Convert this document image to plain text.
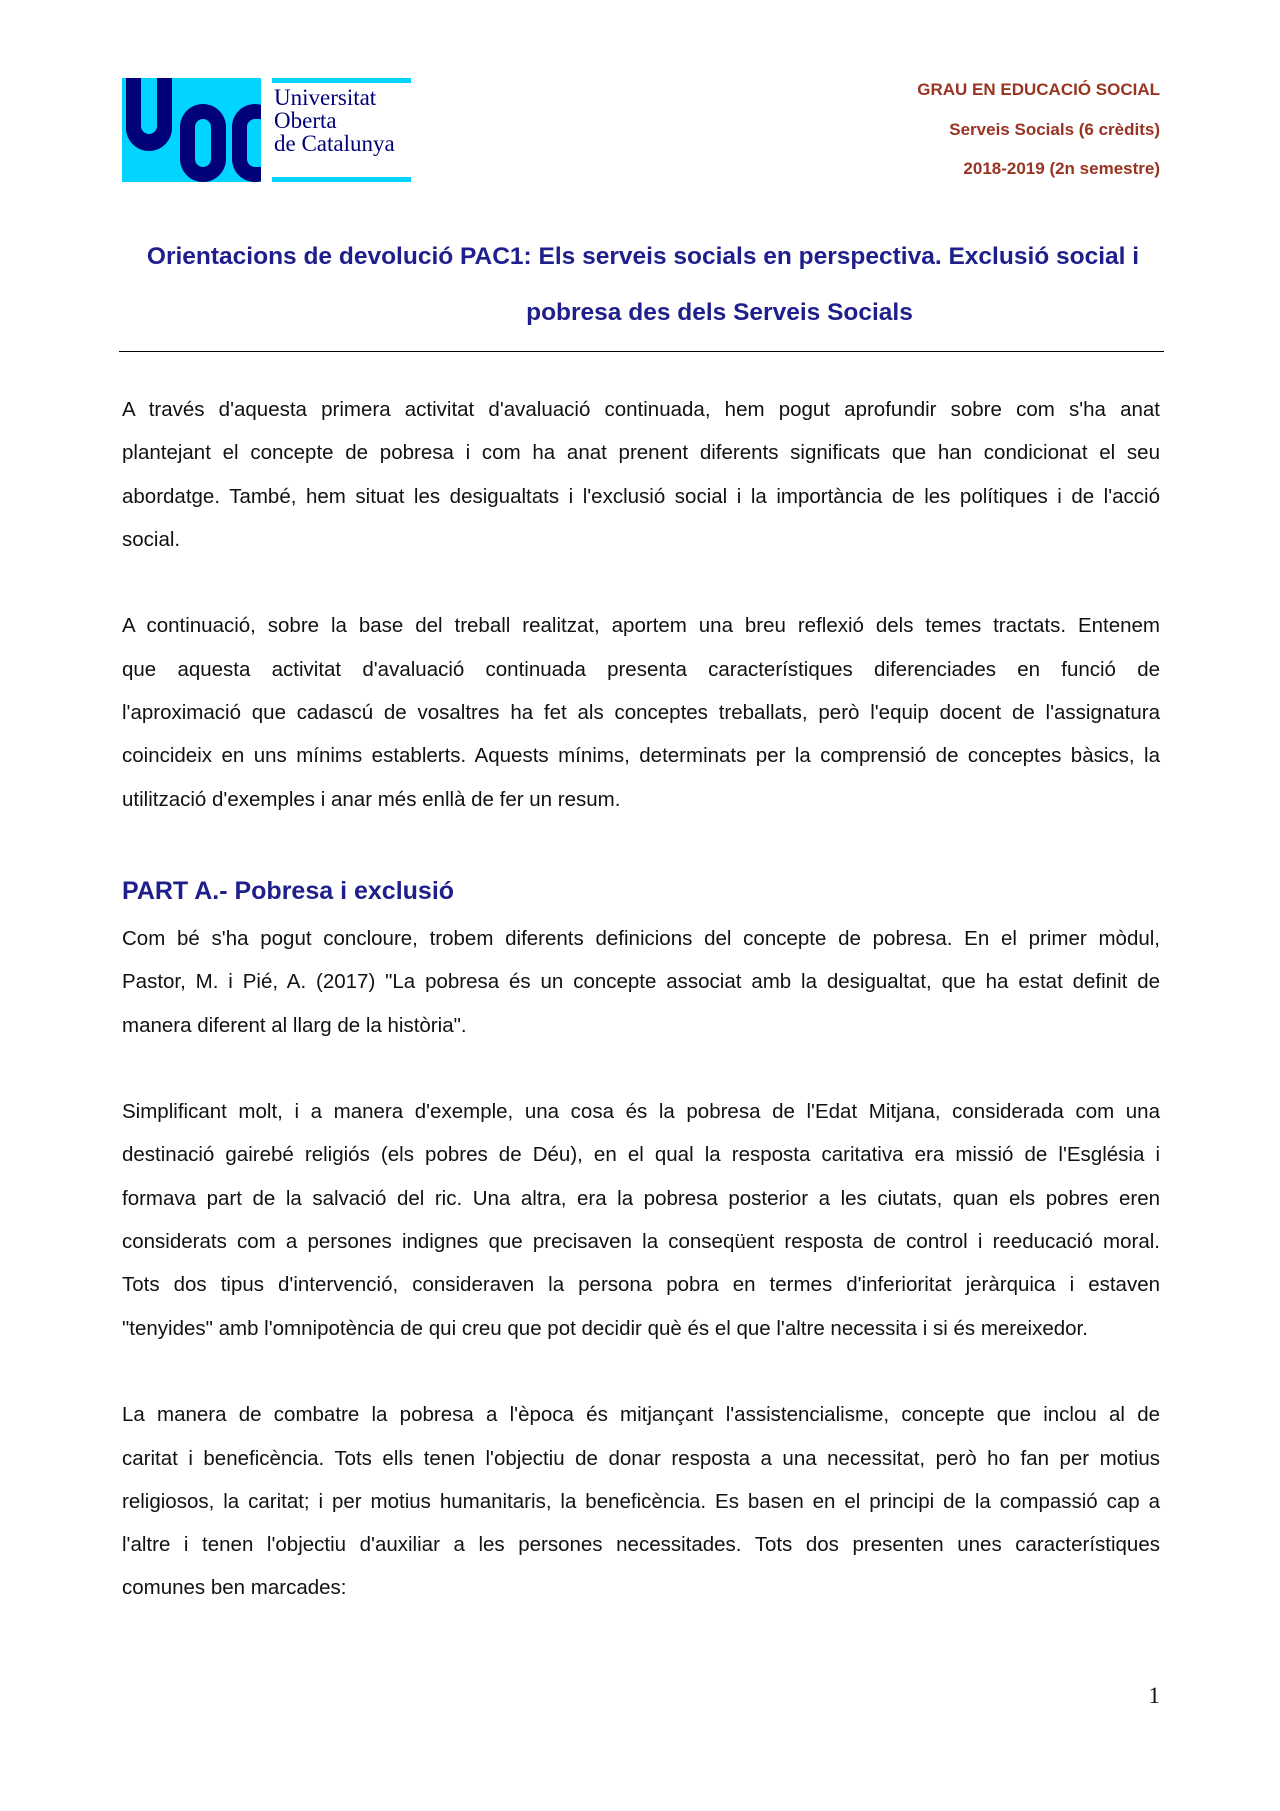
Universitat
Oberta
de Catalunya
GRAU EN EDUCACIÓ SOCIAL
Serveis Socials (6 crèdits)
2018-2019 (2n semestre)
Orientacions de devolució PAC1: Els serveis socials en perspectiva. Exclusió social i
pobresa des dels Serveis Socials
A través d'aquesta primera activitat d'avaluació continuada, hem pogut aprofundir sobre com s'ha anat
plantejant el concepte de pobresa i com ha anat prenent diferents significats que han condicionat el seu
abordatge. També, hem situat les desigualtats i l'exclusió social i la importància de les polítiques i de l'acció
social.
A continuació, sobre la base del treball realitzat, aportem una breu reflexió dels temes tractats. Entenem
que aquesta activitat d'avaluació continuada presenta característiques diferenciades en funció de
l'aproximació que cadascú de vosaltres ha fet als conceptes treballats, però l'equip docent de l'assignatura
coincideix en uns mínims establerts. Aquests mínims, determinats per la comprensió de conceptes bàsics, la
utilització d'exemples i anar més enllà de fer un resum.
PART A.- Pobresa i exclusió
Com bé s'ha pogut concloure, trobem diferents definicions del concepte de pobresa. En el primer mòdul,
Pastor, M. i Pié, A. (2017) "La pobresa és un concepte associat amb la desigualtat, que ha estat definit de
manera diferent al llarg de la història".
Simplificant molt, i a manera d'exemple, una cosa és la pobresa de l'Edat Mitjana, considerada com una
destinació gairebé religiós (els pobres de Déu), en el qual la resposta caritativa era missió de l'Església i
formava part de la salvació del ric. Una altra, era la pobresa posterior a les ciutats, quan els pobres eren
considerats com a persones indignes que precisaven la conseqüent resposta de control i reeducació moral.
Tots dos tipus d'intervenció, consideraven la persona pobra en termes d'inferioritat jeràrquica i estaven
"tenyides" amb l'omnipotència de qui creu que pot decidir què és el que l'altre necessita i si és mereixedor.
La manera de combatre la pobresa a l'època és mitjançant l'assistencialisme, concepte que inclou al de
caritat i beneficència. Tots ells tenen l'objectiu de donar resposta a una necessitat, però ho fan per motius
religiosos, la caritat; i per motius humanitaris, la beneficència. Es basen en el principi de la compassió cap a
l'altre i tenen l'objectiu d'auxiliar a les persones necessitades. Tots dos presenten unes característiques
comunes ben marcades:
1
